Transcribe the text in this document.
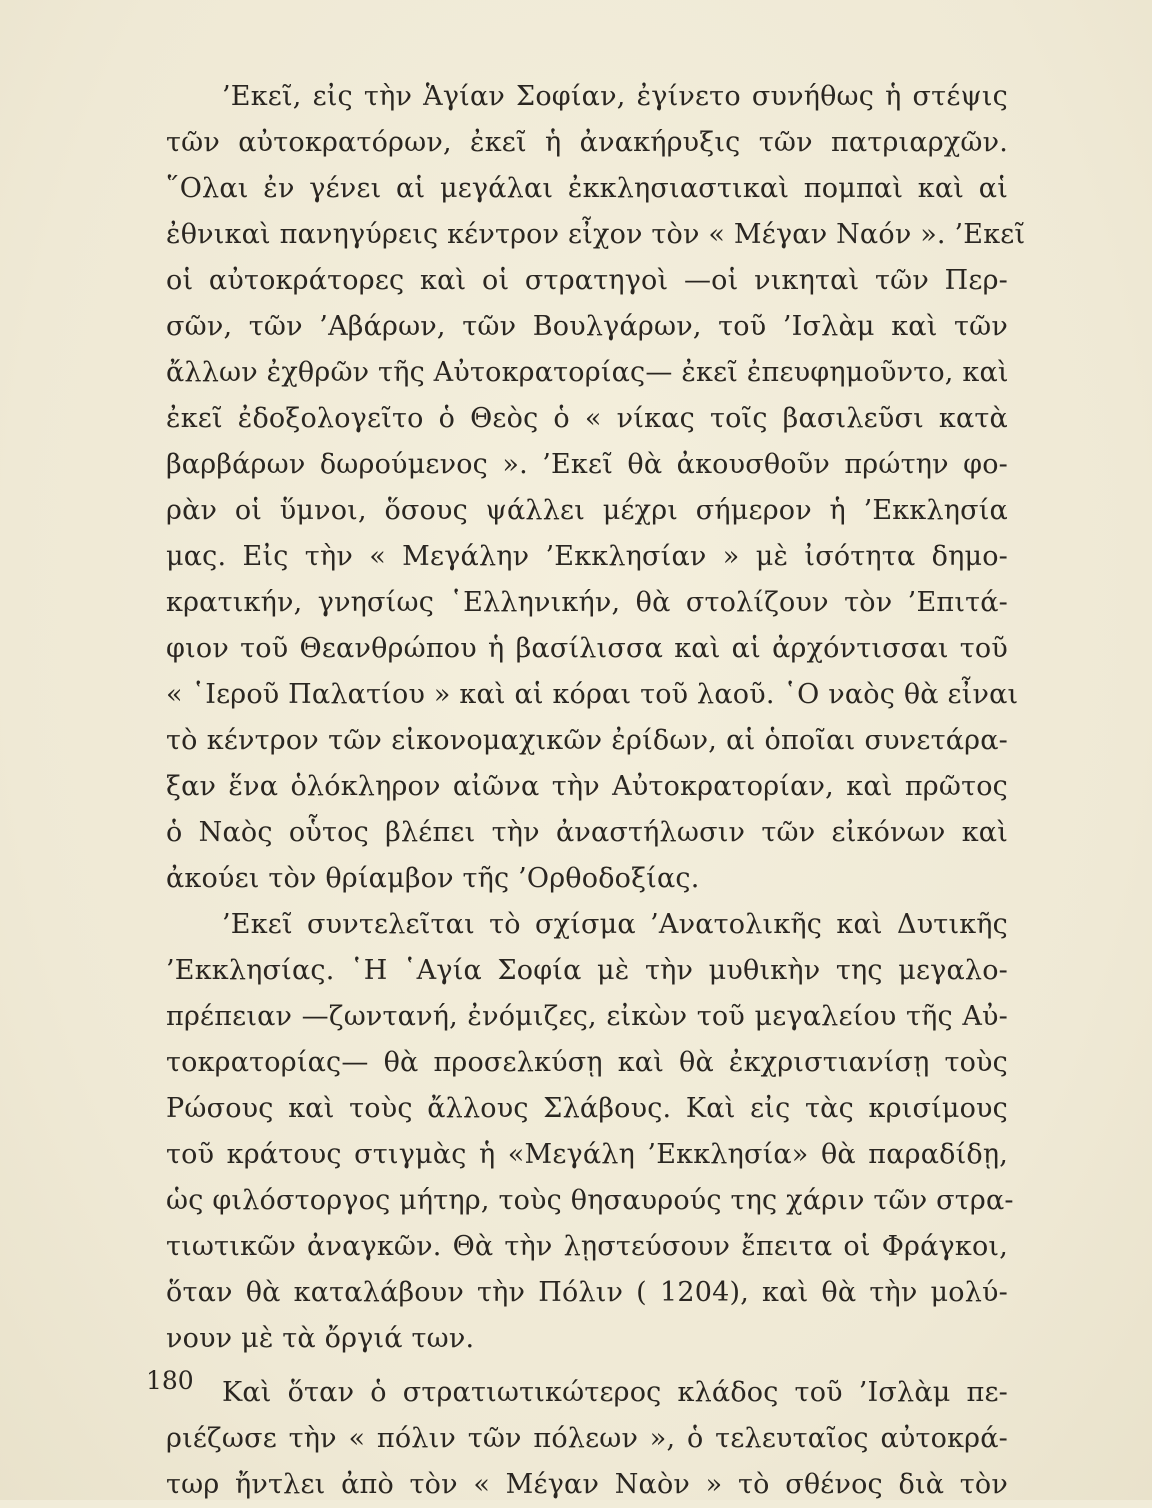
’Εκεῖ, εἰς τὴν Ἁγίαν Σοφίαν, ἐγίνετο συνήθως ἡ στέψις
τῶν αὐτοκρατόρων, ἐκεῖ ἡ ἀνακήρυξις τῶν πατριαρχῶν.
῞Ολαι ἐν γένει αἱ μεγάλαι ἐκκλησιαστικαὶ πομπαὶ καὶ αἱ
ἐθνικαὶ πανηγύρεις κέντρον εἶχον τὸν « Μέγαν Ναόν ». ’Εκεῖ
οἱ αὐτοκράτορες καὶ οἱ στρατηγοὶ —οἱ νικηταὶ τῶν Περ-
σῶν, τῶν ’Αβάρων, τῶν Βουλγάρων, τοῦ ’Ισλὰμ καὶ τῶν
ἄλλων ἐχθρῶν τῆς Αὐτοκρατορίας— ἐκεῖ ἐπευφημοῦντο, καὶ
ἐκεῖ ἐδοξολογεῖτο ὁ Θεὸς ὁ « νίκας τοῖς βασιλεῦσι κατὰ
βαρβάρων δωρούμενος ». ’Εκεῖ θὰ ἀκουσθοῦν πρώτην φο-
ρὰν οἱ ὕμνοι, ὅσους ψάλλει μέχρι σήμερον ἡ ’Εκκλησία
μας. Εἰς τὴν « Μεγάλην ’Εκκλησίαν » μὲ ἰσότητα δημο-
κρατικήν, γνησίως ῾Ελληνικήν, θὰ στολίζουν τὸν ’Επιτά-
φιον τοῦ Θεανθρώπου ἡ βασίλισσα καὶ αἱ ἀρχόντισσαι τοῦ
« ῾Ιεροῦ Παλατίου » καὶ αἱ κόραι τοῦ λαοῦ. ῾Ο ναὸς θὰ εἶναι
τὸ κέντρον τῶν εἰκονομαχικῶν ἐρίδων, αἱ ὁποῖαι συνετάρα-
ξαν ἕνα ὁλόκληρον αἰῶνα τὴν Αὐτοκρατορίαν, καὶ πρῶτος
ὁ Ναὸς οὗτος βλέπει τὴν ἀναστήλωσιν τῶν εἰκόνων καὶ
ἀκούει τὸν θρίαμβον τῆς ’Ορθοδοξίας.
’Εκεῖ συντελεῖται τὸ σχίσμα ’Ανατολικῆς καὶ Δυτικῆς
’Εκκλησίας. ῾Η ῾Αγία Σοφία μὲ τὴν μυθικὴν της μεγαλο-
πρέπειαν —ζωντανή, ἐνόμιζες, εἰκὼν τοῦ μεγαλείου τῆς Αὐ-
τοκρατορίας— θὰ προσελκύσῃ καὶ θὰ ἐκχριστιανίσῃ τοὺς
Ρώσους καὶ τοὺς ἄλλους Σλάβους. Καὶ εἰς τὰς κρισίμους
τοῦ κράτους στιγμὰς ἡ «Μεγάλη ’Εκκλησία» θὰ παραδίδῃ,
ὡς φιλόστοργος μήτηρ, τοὺς θησαυρούς της χάριν τῶν στρα-
τιωτικῶν ἀναγκῶν. Θὰ τὴν λῃστεύσουν ἔπειτα οἱ Φράγκοι,
ὅταν θὰ καταλάβουν τὴν Πόλιν ( 1204), καὶ θὰ τὴν μολύ-
νουν μὲ τὰ ὄργιά των.
Καὶ ὅταν ὁ στρατιωτικώτερος κλάδος τοῦ ’Ισλὰμ πε-
ριέζωσε τὴν « πόλιν τῶν πόλεων », ὁ τελευταῖος αὐτοκρά-
τωρ ἤντλει ἀπὸ τὸν « Μέγαν Ναὸν » τὸ σθένος διὰ τὸν
180
